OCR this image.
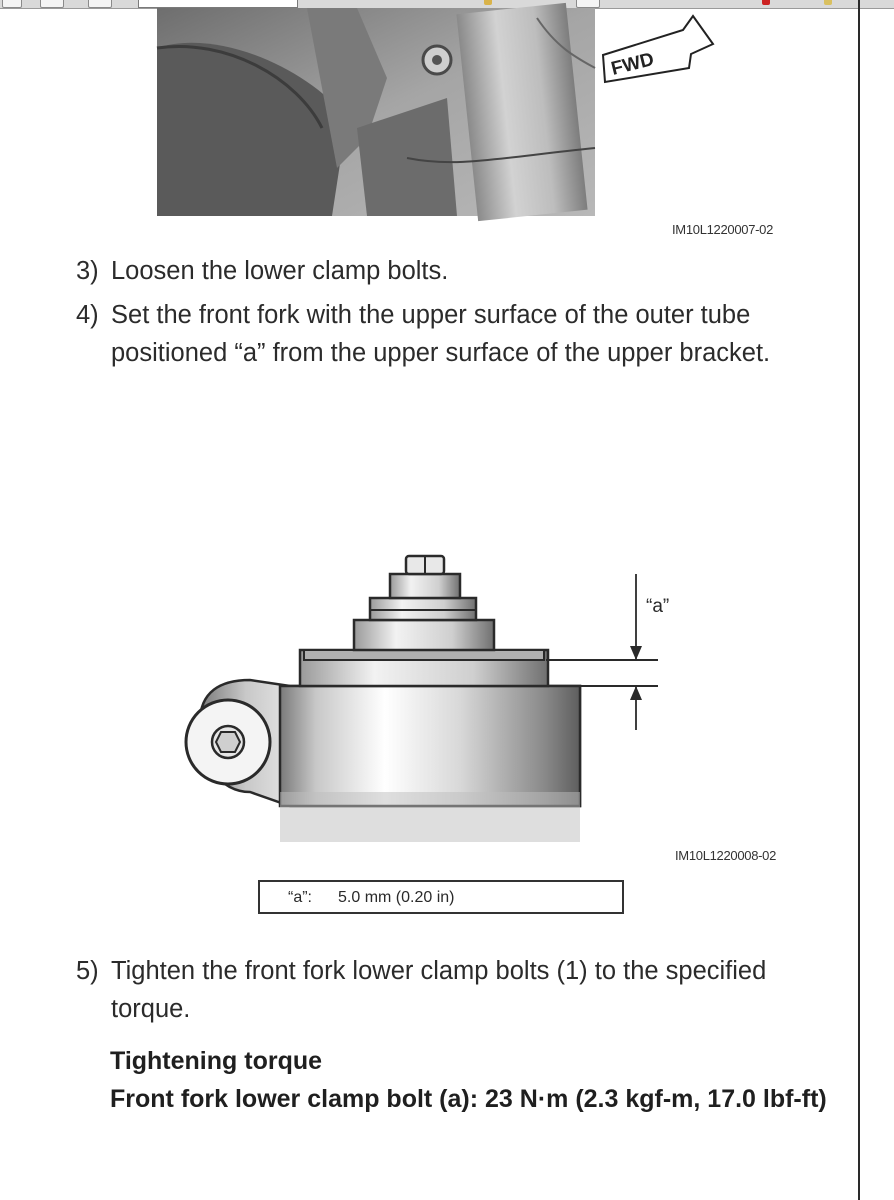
FWD
IM10L1220007-02
3) Loosen the lower clamp bolts.
4) Set the front fork with the upper surface of the outer tube positioned “a” from the upper surface of the upper bracket.
“a”
IM10L1220008-02
“a”: 5.0 mm (0.20 in)
5) Tighten the front fork lower clamp bolts (1) to the specified torque.
Tightening torque
Front fork lower clamp bolt (a): 23 N·m (2.3 kgf-m, 17.0 lbf-ft)
